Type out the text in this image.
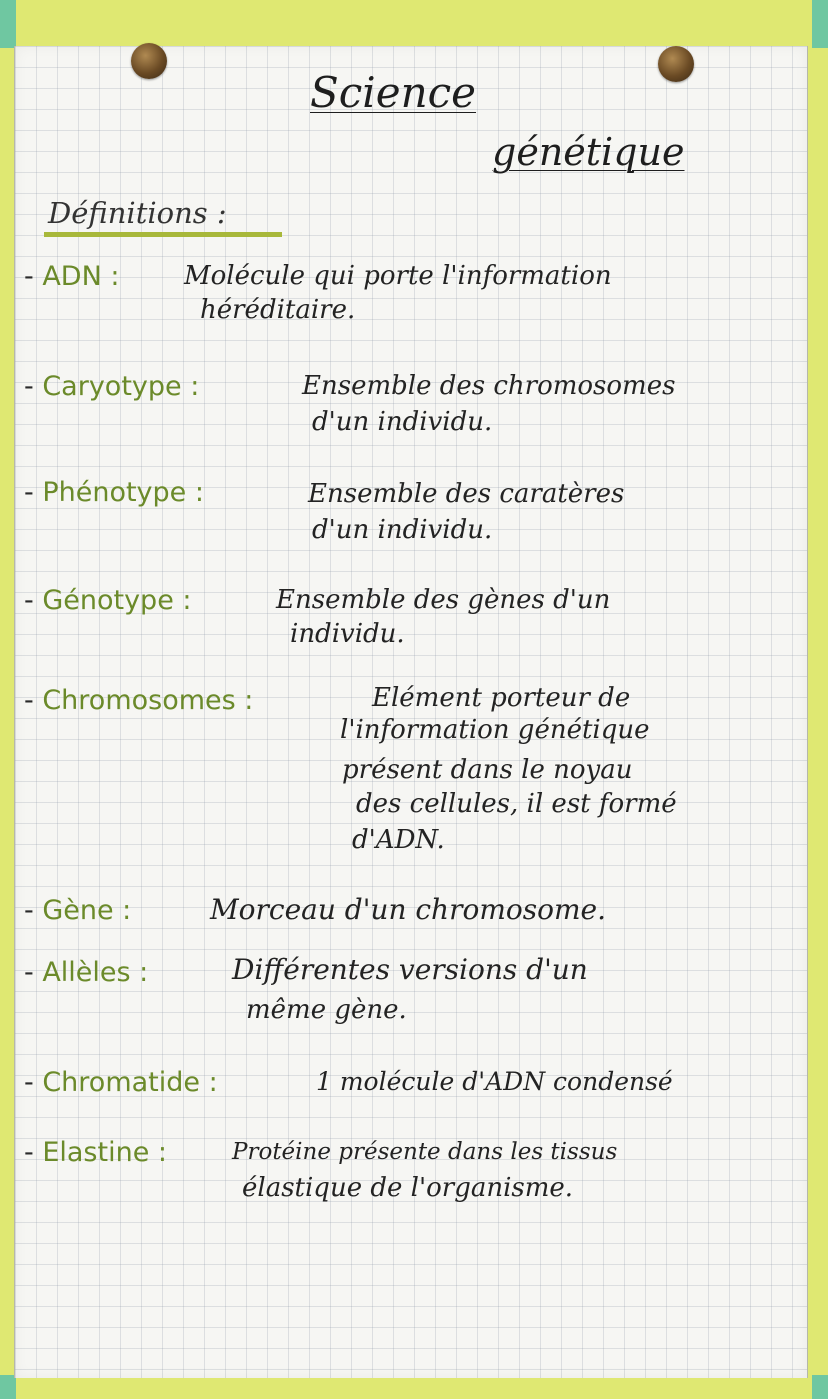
Science
génétique
Définitions :
- ADN : Molécule qui porte l'information
héréditaire.
- Caryotype :	Ensemble des chromosomes
d'un individu.
- Phénotype :	Ensemble des caratères
d'un individu.
- Génotype :	Ensemble des gènes d'un
individu.
- Chromosomes :	Elément porteur de
l'information génétique
présent dans le noyau
des cellules, il est formé
d'ADN.
- Gène :	Morceau d'un chromosome.
- Allèles :	Différentes versions d'un
même gène.
- Chromatide :	1 molécule d'ADN condensé
- Elastine :	Protéine présente dans les tissus
élastique de l'organisme.
